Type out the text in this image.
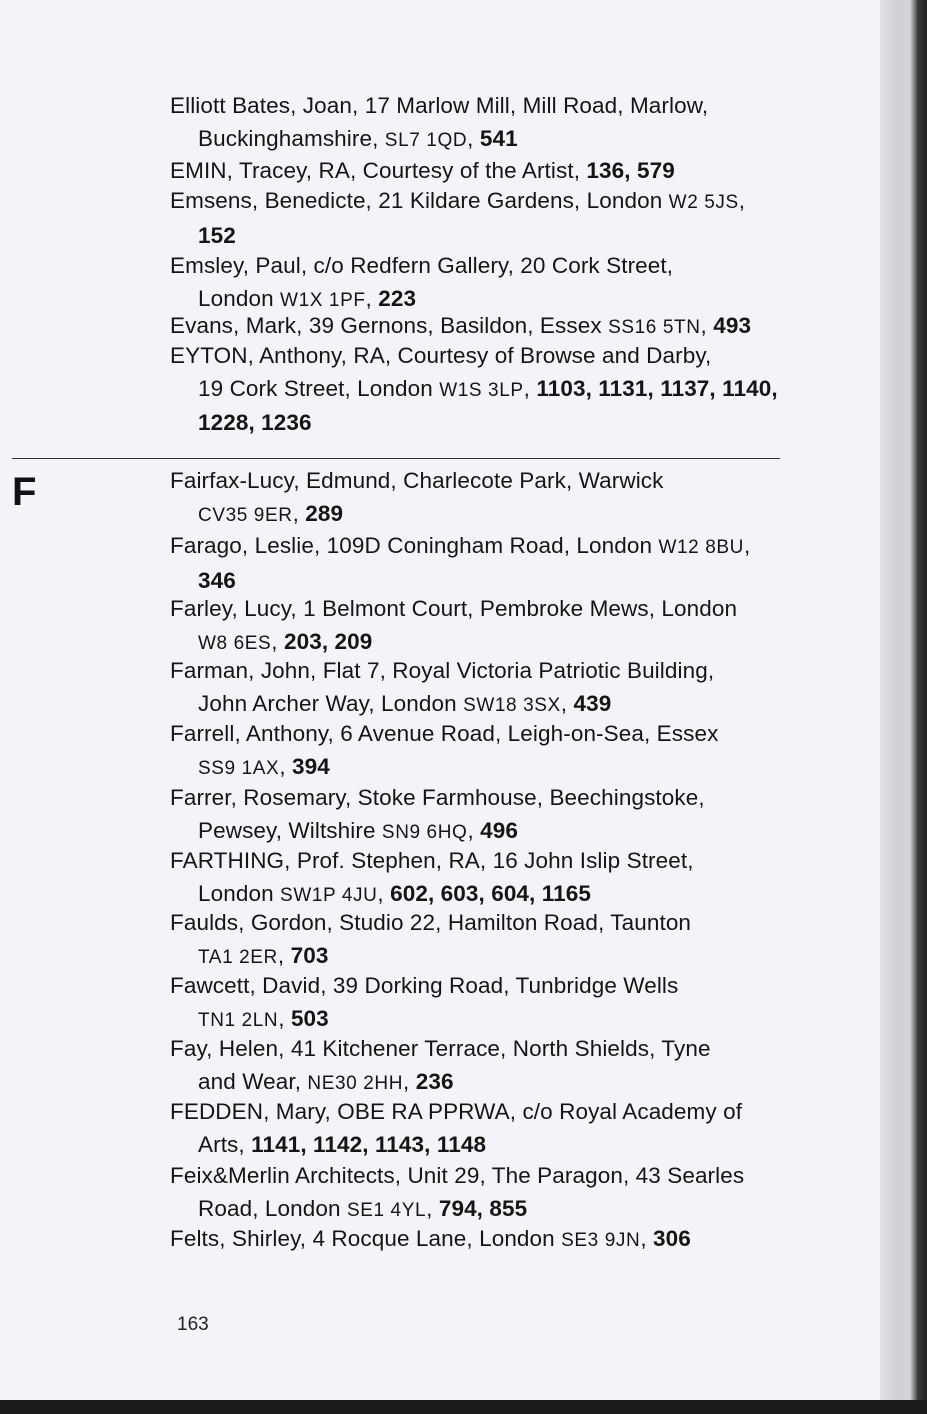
Elliott Bates, Joan, 17 Marlow Mill, Mill Road, Marlow,
Buckinghamshire, SL7 1QD, 541
EMIN, Tracey, RA, Courtesy of the Artist, 136, 579
Emsens, Benedicte, 21 Kildare Gardens, London W2 5JS,
152
Emsley, Paul, c/o Redfern Gallery, 20 Cork Street,
London W1X 1PF, 223
Evans, Mark, 39 Gernons, Basildon, Essex SS16 5TN, 493
EYTON, Anthony, RA, Courtesy of Browse and Darby,
19 Cork Street, London W1S 3LP, 1103, 1131, 1137, 1140,
1228, 1236
Fairfax-Lucy, Edmund, Charlecote Park, Warwick
CV35 9ER, 289
Farago, Leslie, 109D Coningham Road, London W12 8BU,
346
Farley, Lucy, 1 Belmont Court, Pembroke Mews, London
W8 6ES, 203, 209
Farman, John, Flat 7, Royal Victoria Patriotic Building,
John Archer Way, London SW18 3SX, 439
Farrell, Anthony, 6 Avenue Road, Leigh-on-Sea, Essex
SS9 1AX, 394
Farrer, Rosemary, Stoke Farmhouse, Beechingstoke,
Pewsey, Wiltshire SN9 6HQ, 496
FARTHING, Prof. Stephen, RA, 16 John Islip Street,
London SW1P 4JU, 602, 603, 604, 1165
Faulds, Gordon, Studio 22, Hamilton Road, Taunton
TA1 2ER, 703
Fawcett, David, 39 Dorking Road, Tunbridge Wells
TN1 2LN, 503
Fay, Helen, 41 Kitchener Terrace, North Shields, Tyne
and Wear, NE30 2HH, 236
FEDDEN, Mary, OBE RA PPRWA, c/o Royal Academy of
Arts, 1141, 1142, 1143, 1148
Feix&Merlin Architects, Unit 29, The Paragon, 43 Searles
Road, London SE1 4YL, 794, 855
Felts, Shirley, 4 Rocque Lane, London SE3 9JN, 306
F
163
